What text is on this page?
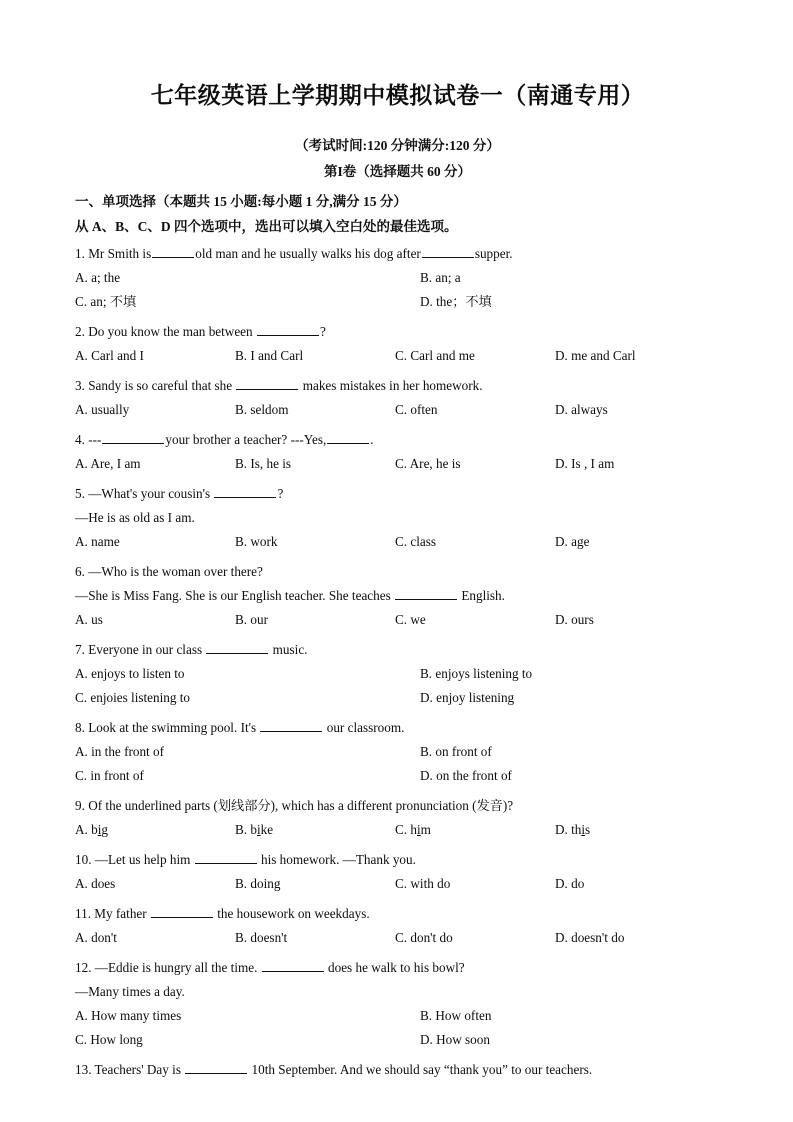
七年级英语上学期期中模拟试卷一（南通专用）
（考试时间:120 分钟满分:120 分）
第I卷（选择题共 60 分）
一、单项选择（本题共 15 小题:每小题 1 分,满分 15 分）
从 A、B、C、D 四个选项中，选出可以填入空白处的最佳选项。
1. Mr Smith is	old man and he usually walks his dog after	supper.
A. a; the	B. an; a
C. an; 不填	D. the；不填
2. Do you know the man between	?
A. Carl and I	B. I and Carl	C. Carl and me	D. me and Carl
3. Sandy is so careful that she	makes mistakes in her homework.
A. usually	B. seldom	C. often	D. always
4. ---	your brother a teacher? ---Yes,	.
A. Are, I am	B. Is, he is	C. Are, he is	D. Is , I am
5. —What's your cousin's	?
—He is as old as I am.
A. name	B. work	C. class	D. age
6. —Who is the woman over there?
—She is Miss Fang. She is our English teacher. She teaches	English.
A. us	B. our	C. we	D. ours
7. Everyone in our class	music.
A. enjoys to listen to	B. enjoys listening to
C. enjoies listening to	D. enjoy listening
8. Look at the swimming pool. It's	our classroom.
A. in the front of	B. on front of
C. in front of	D. on the front of
9. Of the underlined parts (划线部分), which has a different pronunciation (发音)?
A. big	B. bike	C. him	D. this
10. —Let us help him	his homework. —Thank you.
A. does	B. doing	C. with do	D. do
11. My father	the housework on weekdays.
A. don't	B. doesn't	C. don't do	D. doesn't do
12. —Eddie is hungry all the time.	does he walk to his bowl?
—Many times a day.
A. How many times	B. How often
C. How long	D. How soon
13. Teachers' Day is	10th September. And we should say “thank you” to our teachers.
